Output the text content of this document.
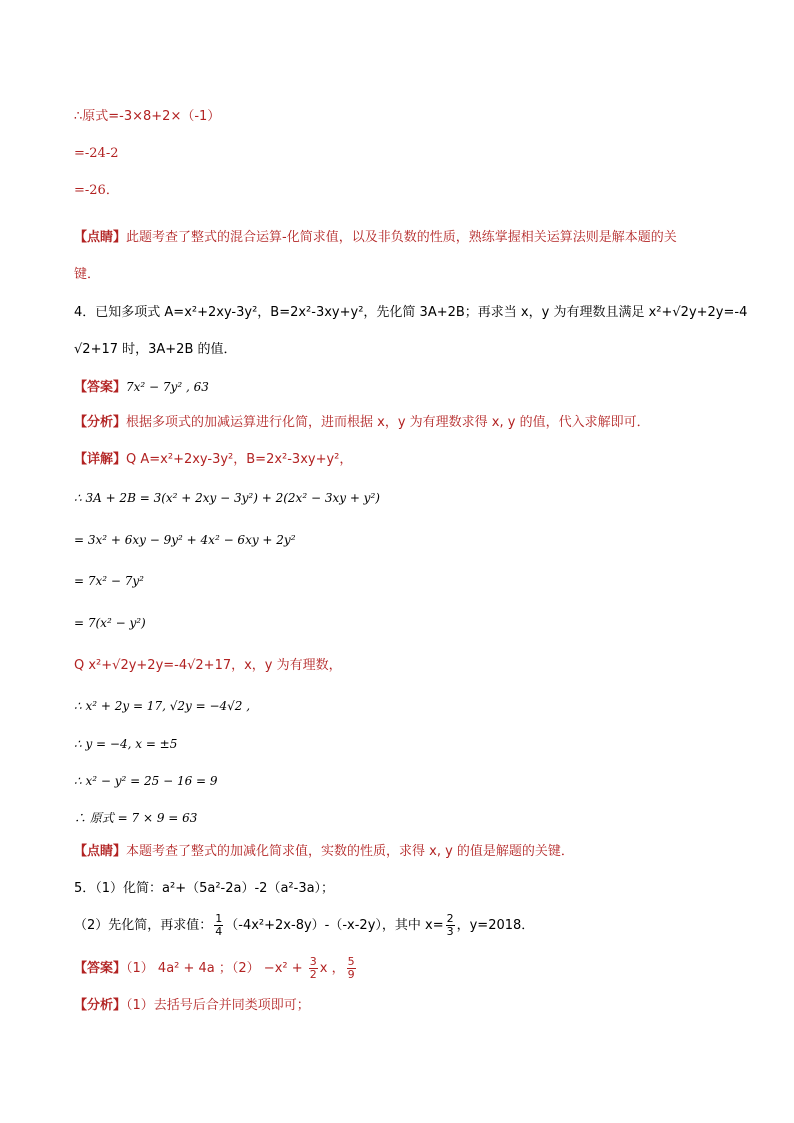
∴原式=-3×8+2×（-1）
=-24-2
=-26．
【点睛】此题考查了整式的混合运算-化简求值，以及非负数的性质，熟练掌握相关运算法则是解本题的关
键．
4．已知多项式 A=x²+2xy-3y²，B=2x²-3xy+y²，先化简 3A+2B；再求当 x，y 为有理数且满足 x²+√2y+2y=-4
√2+17 时，3A+2B 的值．
【答案】7x² − 7y² , 63
【分析】根据多项式的加减运算进行化简，进而根据 x，y 为有理数求得 x, y 的值，代入求解即可．
【详解】Q A=x²+2xy-3y²，B=2x²-3xy+y²，
∴ 3A + 2B = 3(x² + 2xy − 3y²) + 2(2x² − 3xy + y²)
= 3x² + 6xy − 9y² + 4x² − 6xy + 2y²
= 7x² − 7y²
= 7(x² − y²)
Q x²+√2y+2y=-4√2+17，x，y 为有理数，
∴ x² + 2y = 17, √2y = −4√2 ,
∴ y = −4, x = ±5
∴ x² − y² = 25 − 16 = 9
∴ 原式 = 7 × 9 = 63
【点睛】本题考查了整式的加减化简求值，实数的性质，求得 x, y 的值是解题的关键．
5．（1）化简：a²+（5a²-2a）-2（a²-3a）；
（2）先化简，再求值： $\frac{1}{4} (-4x^2+2x-8y)-(-x-2y)$，其中 $x= \frac{2}{3}$ ，y=2018．
【答案】（1） 4a² + 4a ；$(2) -x^2 + \frac{3}{2}$ x ， $\frac{5}{9}$
【分析】（1）去括号后合并同类项即可；
